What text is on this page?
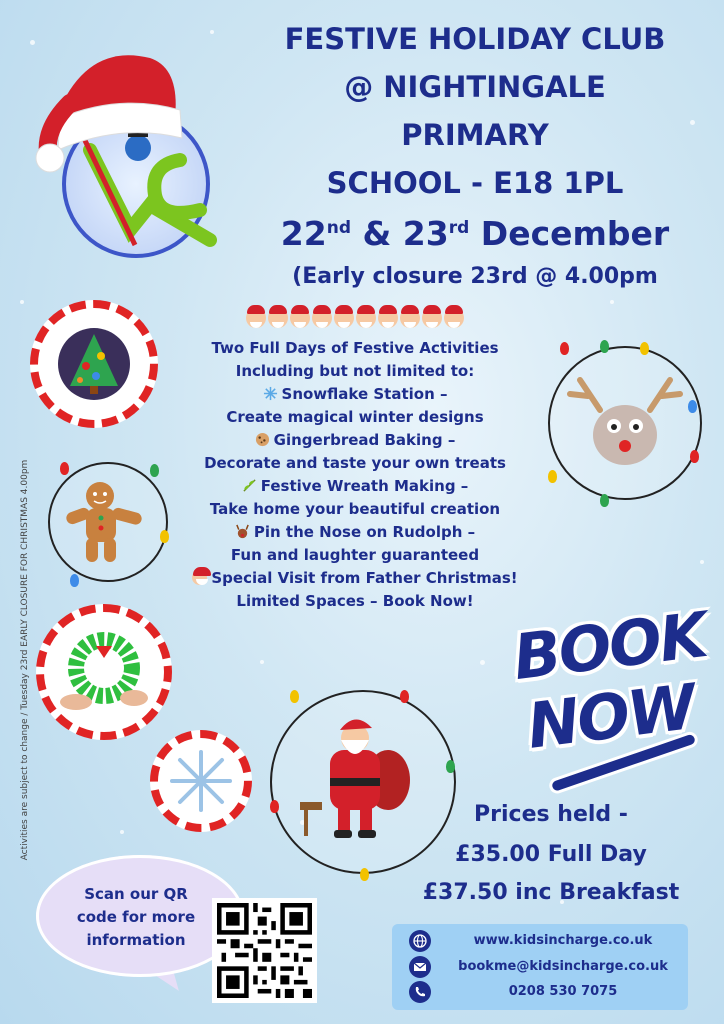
FESTIVE HOLIDAY CLUB
@ NIGHTINGALE
PRIMARY
SCHOOL - E18 1PL
22nd & 23rd December
(Early closure 23rd @ 4.00pm
Two Full Days of Festive Activities
Including but not limited to:
Snowflake Station –
Create magical winter designs
Gingerbread Baking –
Decorate and taste your own treats
Festive Wreath Making –
Take home your beautiful creation
Pin the Nose on Rudolph –
Fun and laughter guaranteed
Special Visit from Father Christmas!
Limited Spaces – Book Now! BOOK
NOW
Prices held -
£35.00 Full Day
£37.50 inc Breakfast
Activities are subject to change / Tuesday 23rd EARLY CLOSURE FOR CHRISTMAS 4.00pm
Scan our QR
code for more
information	www.kidsincharge.co.uk
bookme@kidsincharge.co.uk
0208 530 7075
